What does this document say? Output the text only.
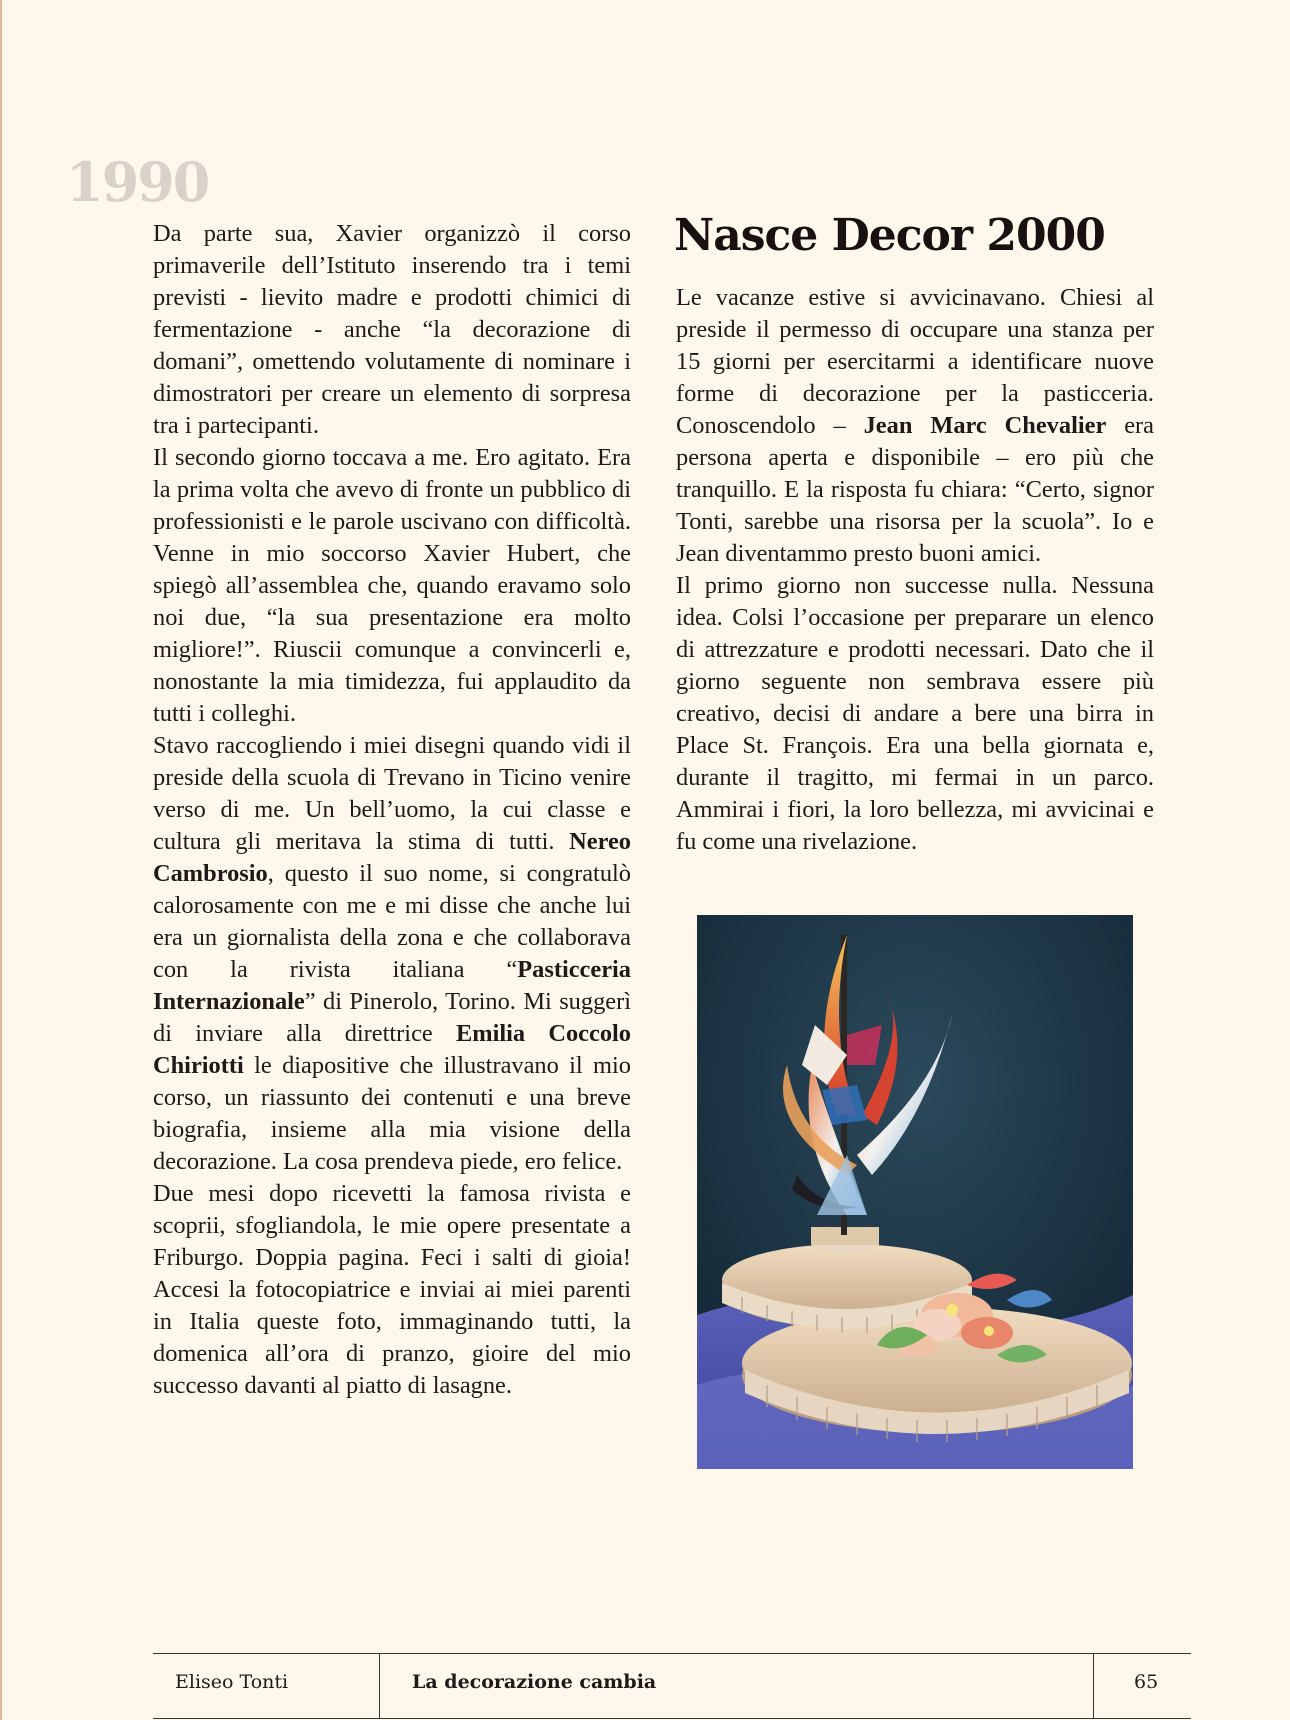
1990

Da parte sua, Xavier organizzò il corso primaverile dell’Istituto inserendo tra i temi previsti - lievito madre e prodotti chimici di fermentazione - anche “la decorazione di domani”, omettendo volutamente di nominare i dimostratori per creare un elemento di sorpresa tra i partecipanti.

Il secondo giorno toccava a me. Ero agitato. Era la prima volta che avevo di fronte un pubblico di professionisti e le parole uscivano con difficoltà. Venne in mio soccorso Xavier Hubert, che spiegò all’assemblea che, quando eravamo solo noi due, “la sua presentazione era molto migliore!”. Riuscii comunque a convincerli e, nonostante la mia timidezza, fui applaudito da tutti i colleghi.

Stavo raccogliendo i miei disegni quando vidi il preside della scuola di Trevano in Ticino venire verso di me. Un bell’uomo, la cui classe e cultura gli meritava la stima di tutti. Nereo Cambrosio, questo il suo nome, si congratulò calorosamente con me e mi disse che anche lui era un giornalista della zona e che collaborava con la rivista italiana “Pasticceria Internazionale” di Pinerolo, Torino. Mi suggerì di inviare alla direttrice Emilia Coccolo Chiriotti le diapositive che illustravano il mio corso, un riassunto dei contenuti e una breve biografia, insieme alla mia visione della decorazione. La cosa prendeva piede, ero felice.

Due mesi dopo ricevetti la famosa rivista e scoprii, sfogliandola, le mie opere presentate a Friburgo. Doppia pagina. Feci i salti di gioia! Accesi la fotocopiatrice e inviai ai miei parenti in Italia queste foto, immaginando tutti, la domenica all’ora di pranzo, gioire del mio successo davanti al piatto di lasagne.

Nasce Decor 2000

Le vacanze estive si avvicinavano. Chiesi al preside il permesso di occupare una stanza per 15 giorni per esercitarmi a identificare nuove forme di decorazione per la pasticceria. Conoscendolo – Jean Marc Chevalier era persona aperta e disponibile – ero più che tranquillo. E la risposta fu chiara: “Certo, signor Tonti, sarebbe una risorsa per la scuola”. Io e Jean diventammo presto buoni amici.

Il primo giorno non successe nulla. Nessuna idea. Colsi l’occasione per preparare un elenco di attrezzature e prodotti necessari. Dato che il giorno seguente non sembrava essere più creativo, decisi di andare a bere una birra in Place St. François. Era una bella giornata e, durante il tragitto, mi fermai in un parco. Ammirai i fiori, la loro bellezza, mi avvicinai e fu come una rivelazione.

Eliseo Tonti	La decorazione cambia	65
